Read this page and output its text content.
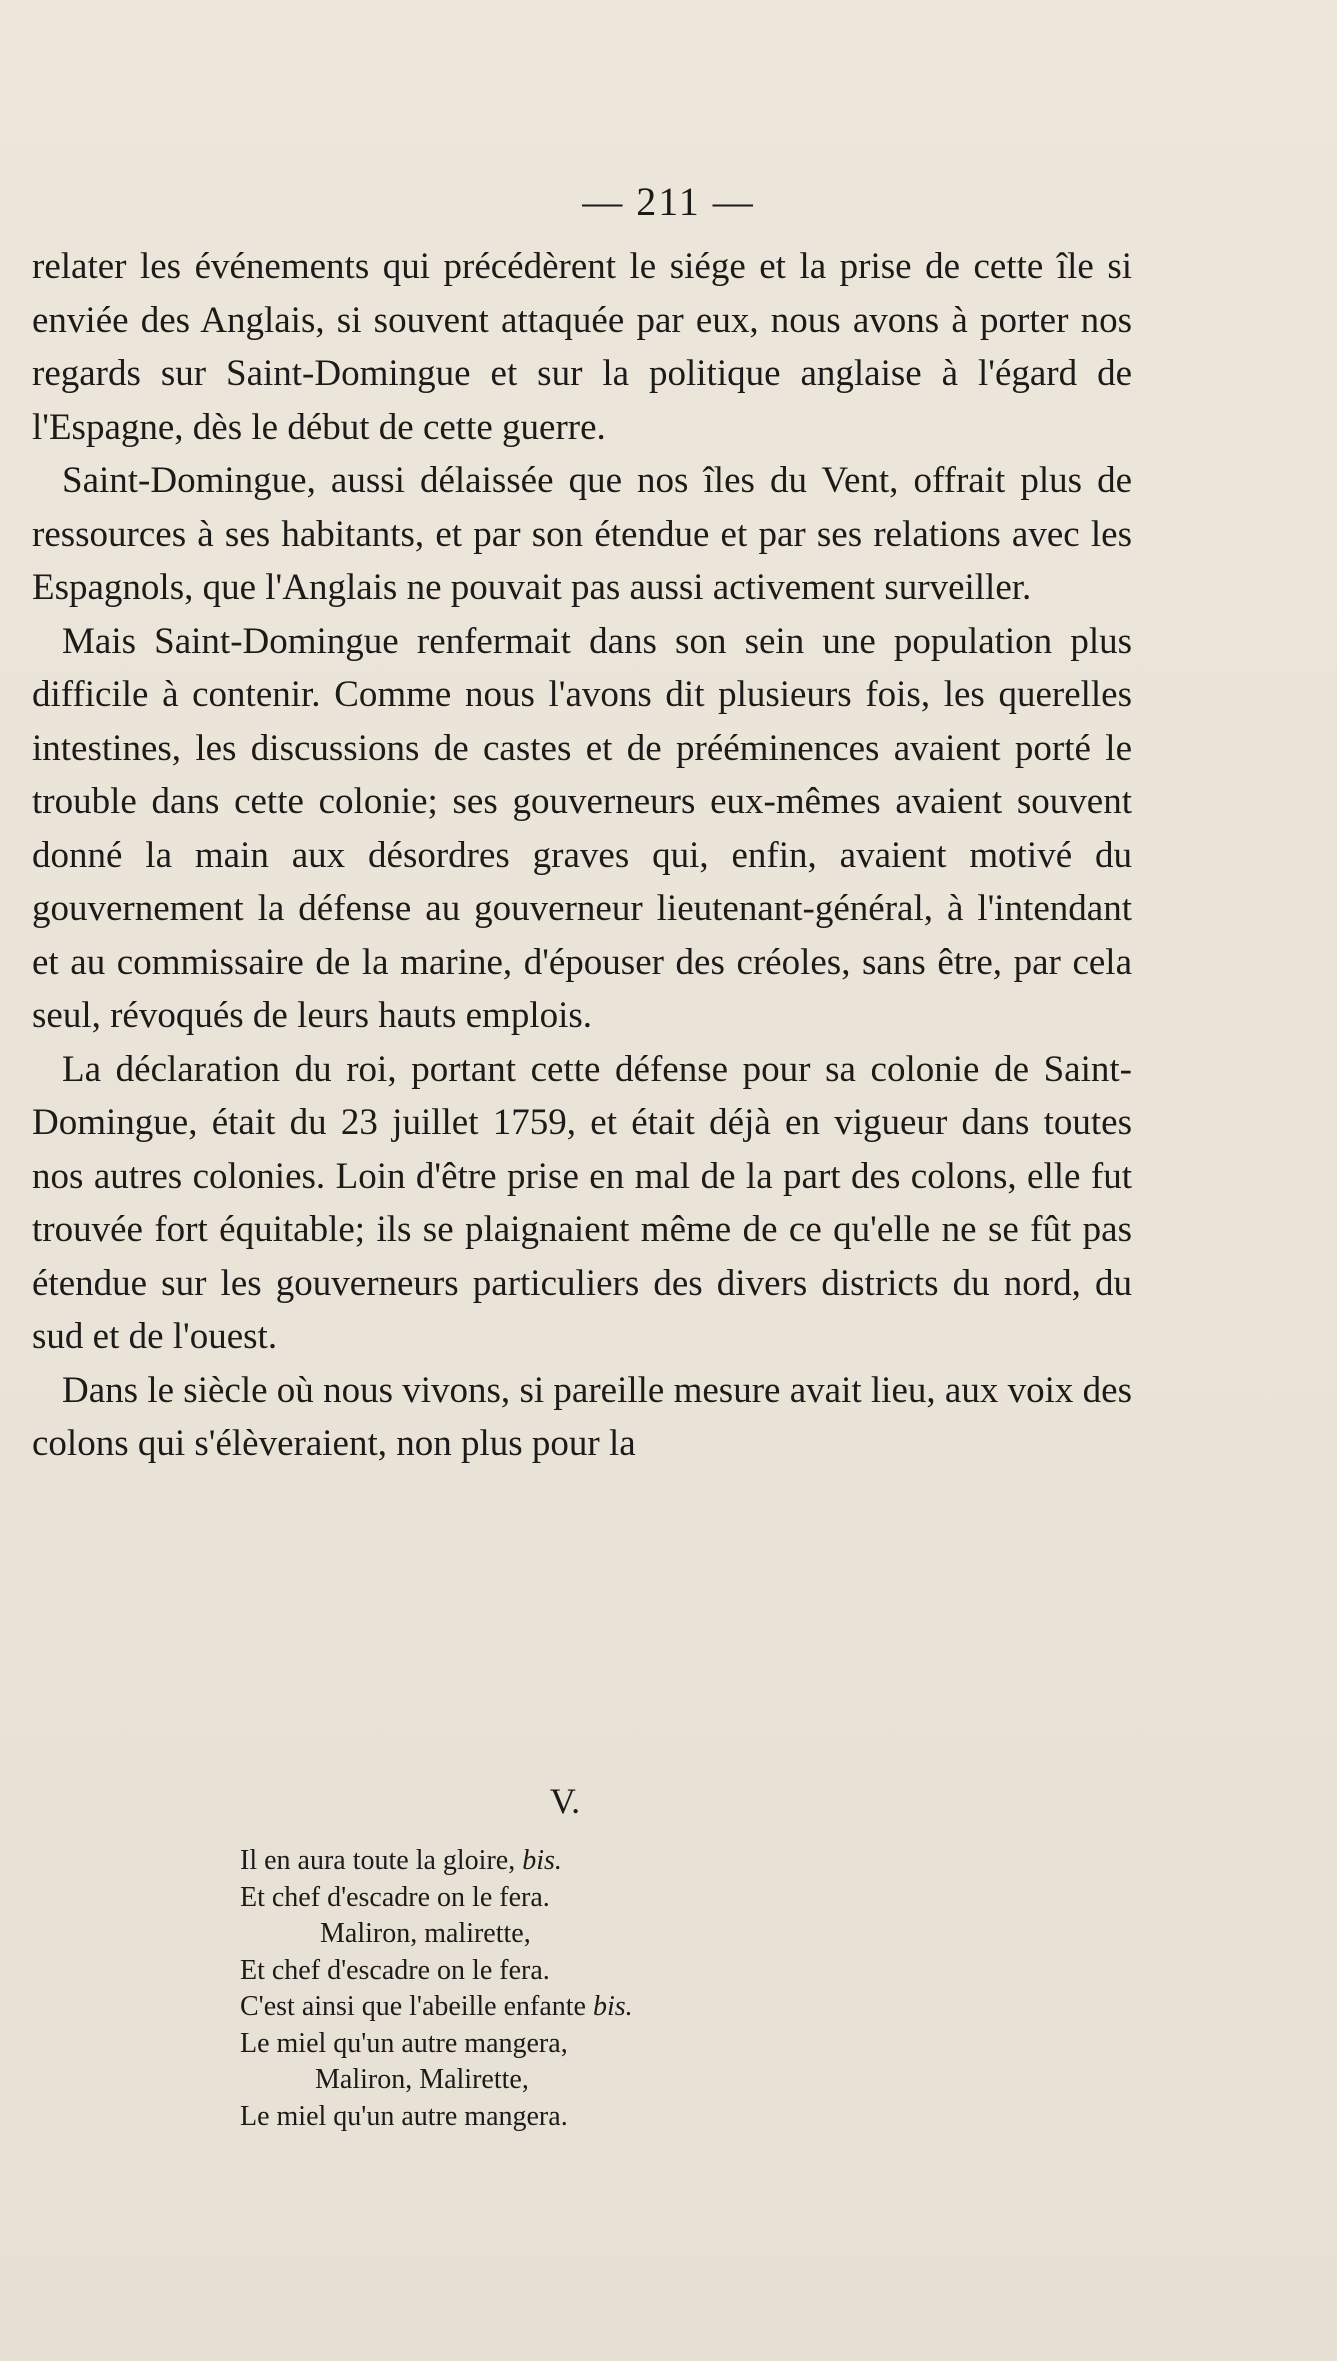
— 211 —

relater les événements qui précédèrent le siége et la prise de cette île si enviée des Anglais, si souvent attaquée par eux, nous avons à porter nos regards sur Saint-Domingue et sur la politique anglaise à l'égard de l'Espagne, dès le début de cette guerre.

Saint-Domingue, aussi délaissée que nos îles du Vent, offrait plus de ressources à ses habitants, et par son étendue et par ses relations avec les Espagnols, que l'Anglais ne pouvait pas aussi activement surveiller.

Mais Saint-Domingue renfermait dans son sein une population plus difficile à contenir. Comme nous l'avons dit plusieurs fois, les querelles intestines, les discussions de castes et de prééminences avaient porté le trouble dans cette colonie; ses gouverneurs eux-mêmes avaient souvent donné la main aux désordres graves qui, enfin, avaient motivé du gouvernement la défense au gouverneur lieutenant-général, à l'intendant et au commissaire de la marine, d'épouser des créoles, sans être, par cela seul, révoqués de leurs hauts emplois.

La déclaration du roi, portant cette défense pour sa colonie de Saint-Domingue, était du 23 juillet 1759, et était déjà en vigueur dans toutes nos autres colonies. Loin d'être prise en mal de la part des colons, elle fut trouvée fort équitable; ils se plaignaient même de ce qu'elle ne se fût pas étendue sur les gouverneurs particuliers des divers districts du nord, du sud et de l'ouest.

Dans le siècle où nous vivons, si pareille mesure avait lieu, aux voix des colons qui s'élèveraient, non plus pour la

V.
Il en aura toute la gloire, bis.
Et chef d'escadre on le fera.
Maliron, malirette,
Et chef d'escadre on le fera.
C'est ainsi que l'abeille enfante bis.
Le miel qu'un autre mangera,
Maliron, Malirette,
Le miel qu'un autre mangera.
